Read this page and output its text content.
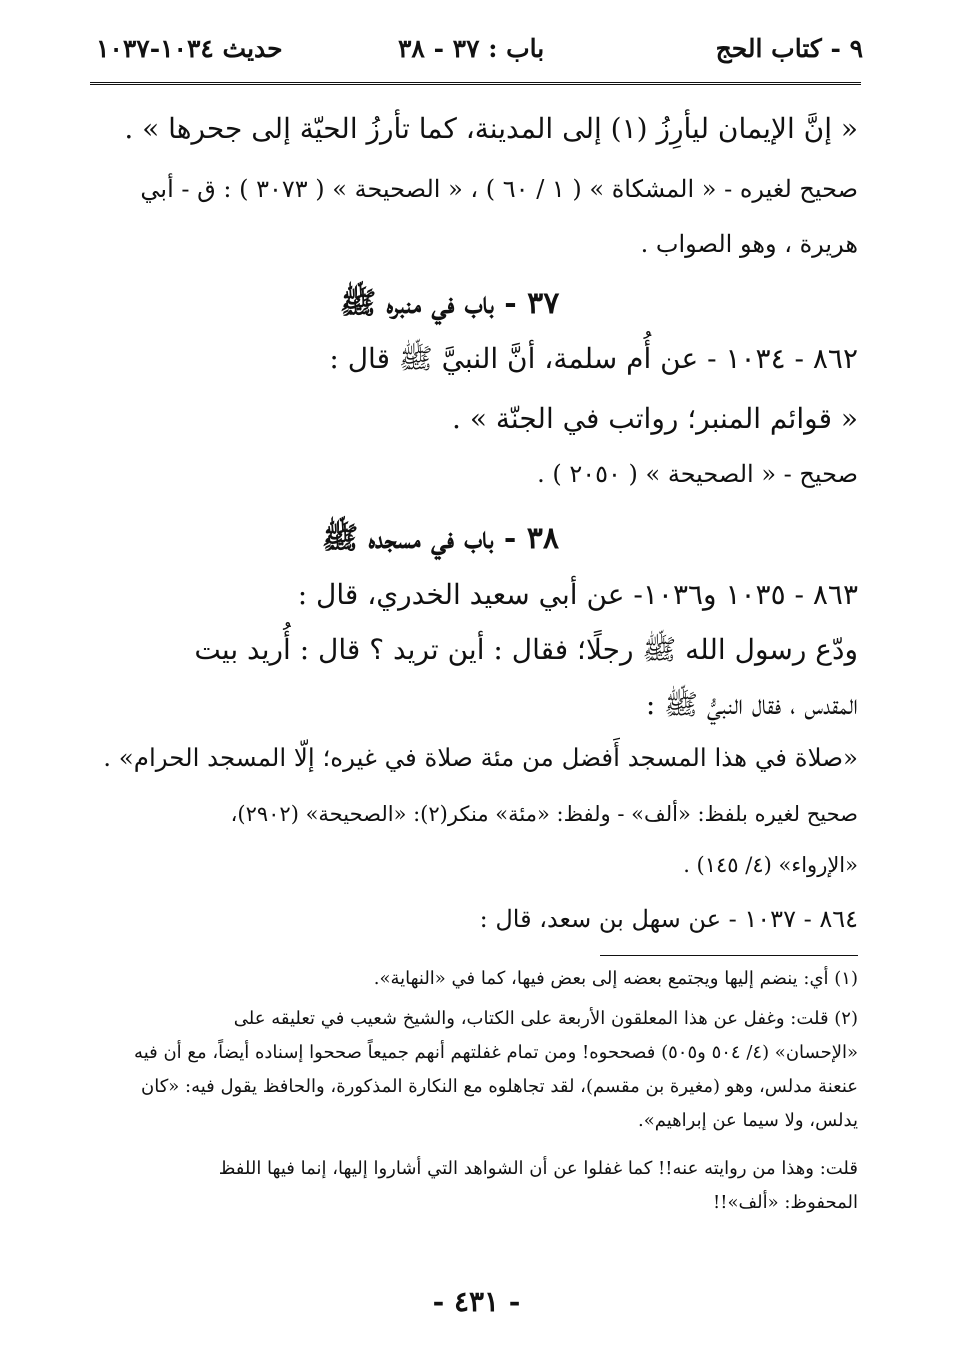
٩ - كتاب الحج
باب : ٣٧ - ٣٨
حديث ١٠٣٤-١٠٣٧
« إنَّ الإيمان ليأرِزُ (١) إلى المدينة، كما تأرزُ الحيّة إلى جحرها » .
صحيح لغيره - « المشكاة » ( ١ / ٦٠ ) ، « الصحيحة » ( ٣٠٧٣ ) : ق - أبي
هريرة ، وهو الصواب .
٣٧ - باب في منبره ﷺ
٨٦٢ - ١٠٣٤ - عن أُم سلمة، أنَّ النبيَّ ﷺ قال :
« قوائم المنبر؛ رواتب في الجنّة » .
صحيح - « الصحيحة » ( ٢٠٥٠ ) .
٣٨ - باب في مسجده ﷺ
٨٦٣ - ١٠٣٥ و١٠٣٦- عن أبي سعيد الخدري، قال :
ودّع رسول الله ﷺ رجلًا؛ فقال : أين تريد ؟ قال : أُريد بيت
المقدس ، فقال النبيُّ ﷺ :
«صلاة في هذا المسجد أَفضل من مئة صلاة في غيره؛ إلّا المسجد الحرام» .
صحيح لغيره بلفظ: «ألف» - ولفظ: «مئة» منكر(٢): «الصحيحة» (٢٩٠٢)،
«الإرواء» (٤/ ١٤٥) .
٨٦٤ - ١٠٣٧ - عن سهل بن سعد، قال :
(١) أي: ينضم إليها ويجتمع بعضه إلى بعض فيها، كما في «النهاية».
(٢) قلت: وغفل عن هذا المعلقون الأربعة على الكتاب، والشيخ شعيب في تعليقه على
«الإحسان» (٤/ ٥٠٤ و٥٠٥) فصححوه! ومن تمام غفلتهم أنهم جميعاً صححوا إسناده أيضاً، مع أن فيه
عنعنة مدلس، وهو (مغيرة بن مقسم)، لقد تجاهلوه مع النكارة المذكورة، والحافظ يقول فيه: «كان
يدلس، ولا سيما عن إبراهيم».
قلت: وهذا من روايته عنه!! كما غفلوا عن أن الشواهد التي أشاروا إليها، إنما فيها اللفظ
المحفوظ: «ألف»!!
- ٤٣١ -
